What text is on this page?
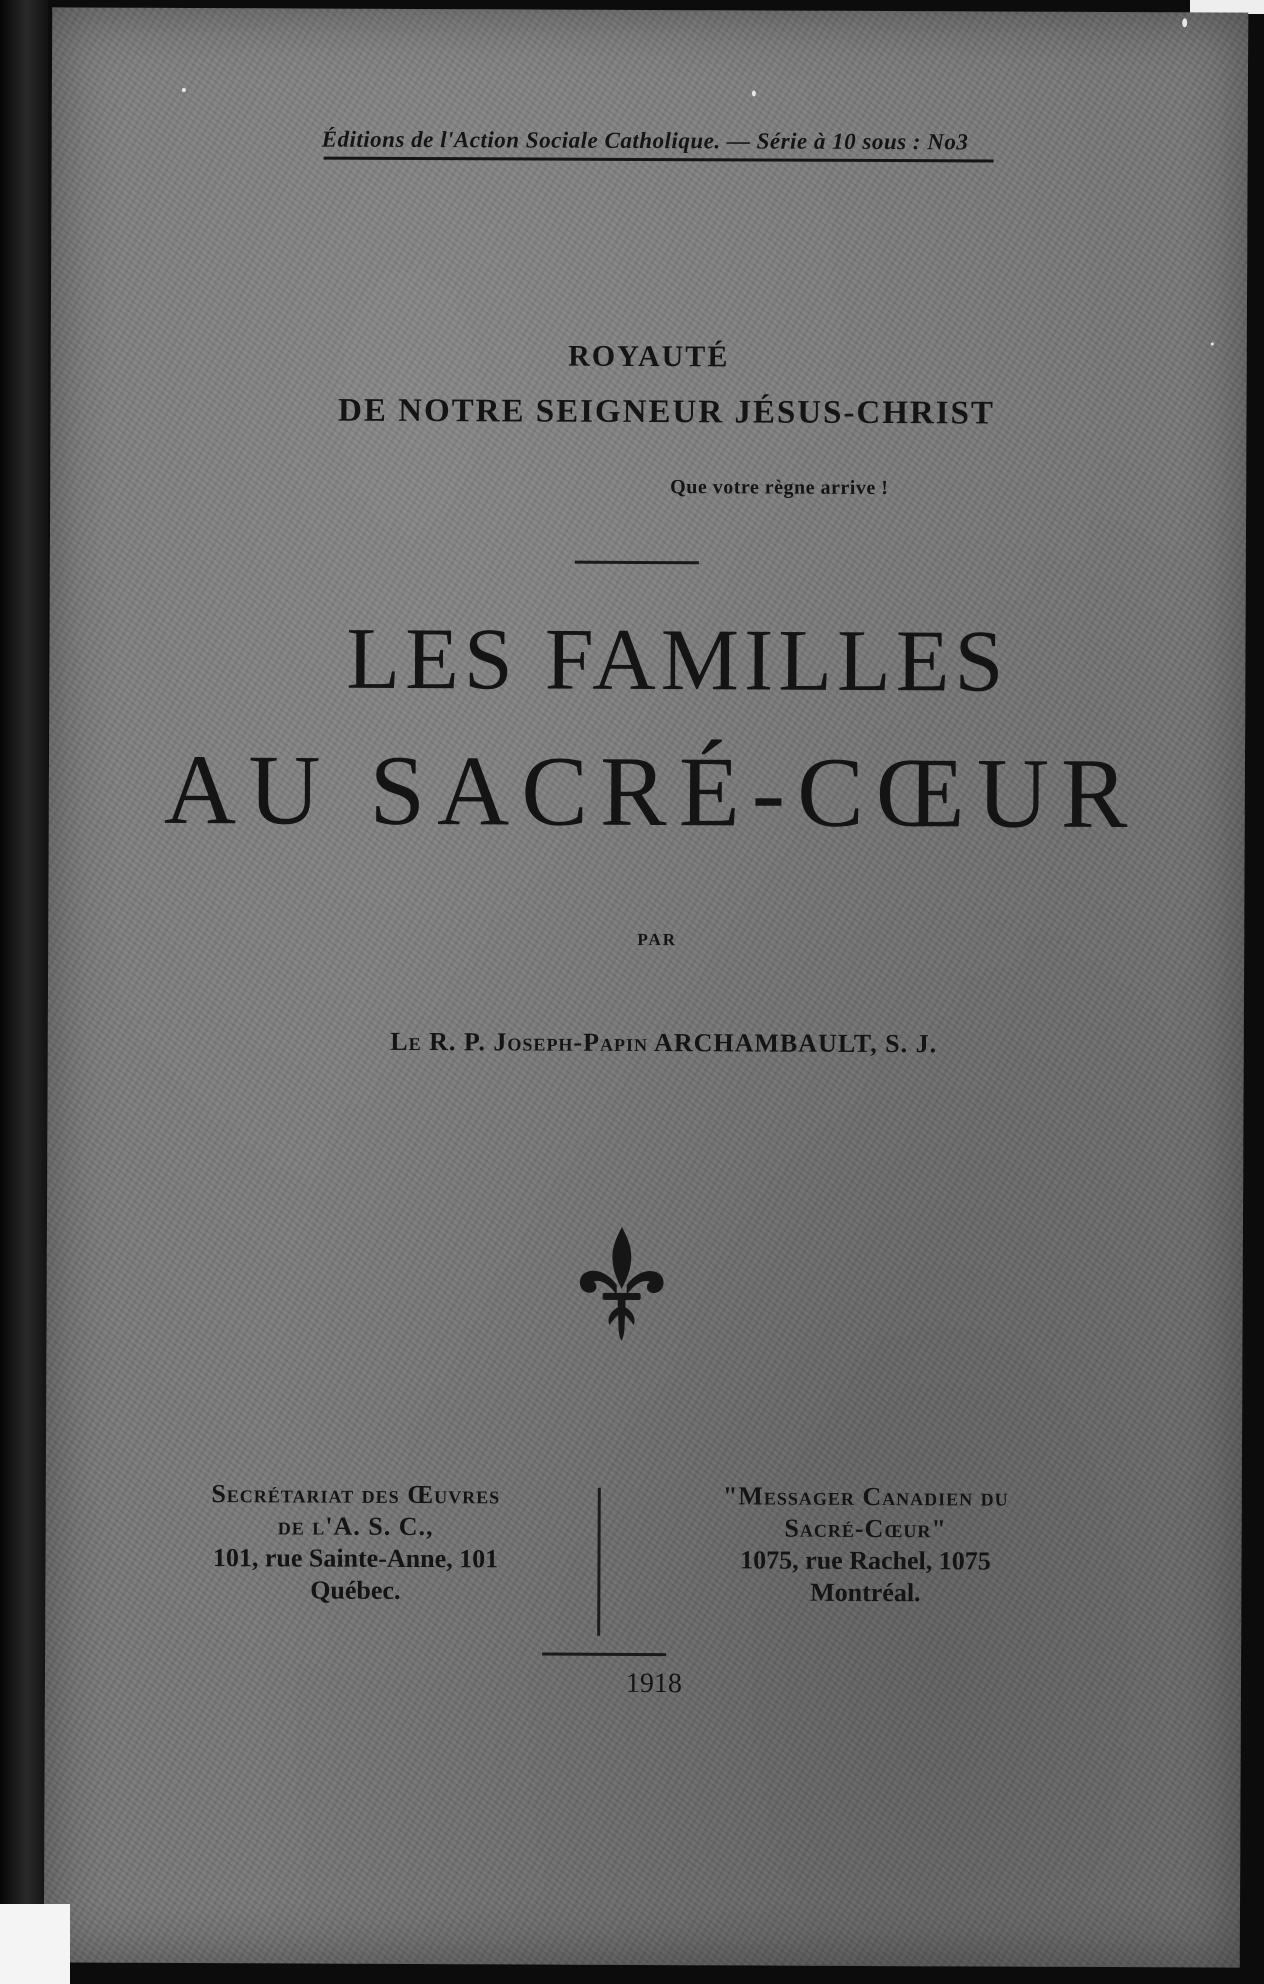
Éditions de l'Action Sociale Catholique. — Série à 10 sous : No3
ROYAUTÉ
DE NOTRE SEIGNEUR JÉSUS-CHRIST
Que votre règne arrive !
LES FAMILLES
AU SACRÉ-CŒUR
PAR
Le R. P. Joseph-Papin ARCHAMBAULT, S. J.
Secrétariat des Œuvres
de l'A. S. C.,
101, rue Sainte-Anne, 101
Québec.
"Messager Canadien du
Sacré-Cœur"
1075, rue Rachel, 1075
Montréal.
1918
